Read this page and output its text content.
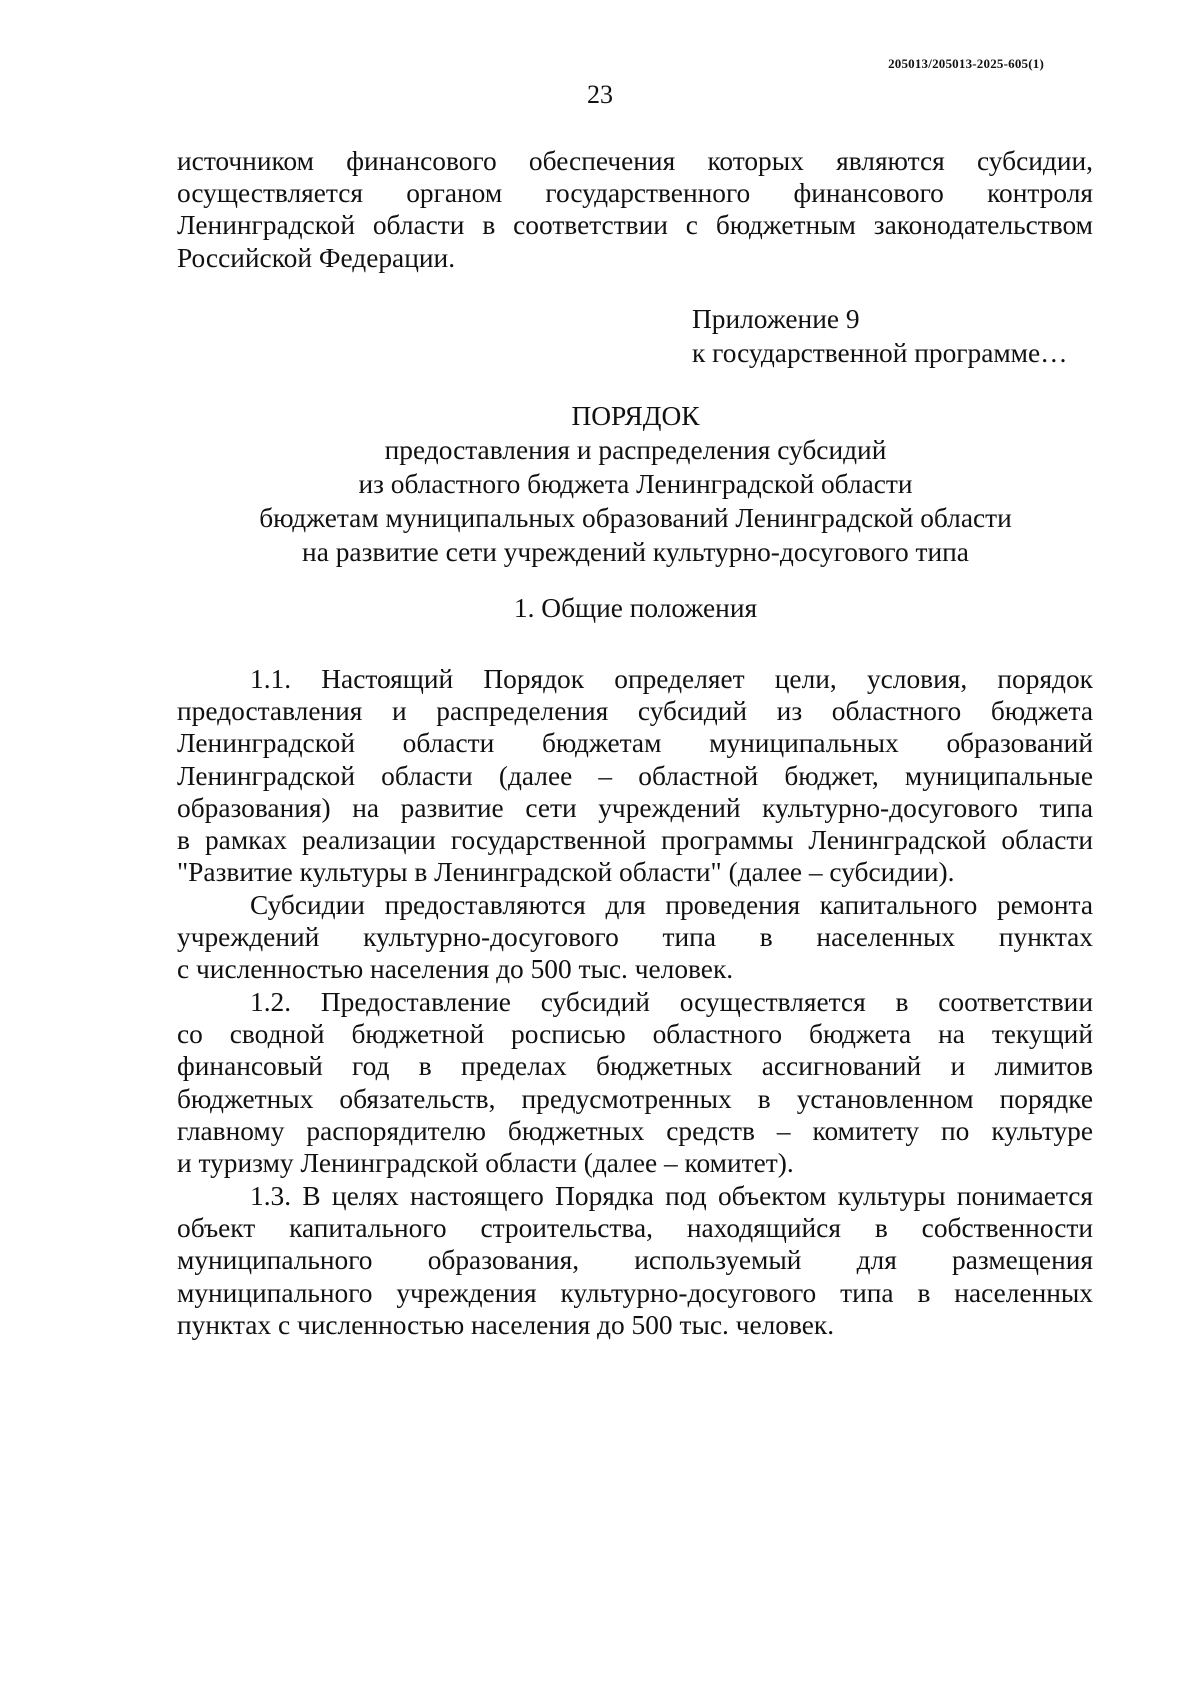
205013/205013-2025-605(1)
23
источником финансового обеспечения которых являются субсидии,
осуществляется органом государственного финансового контроля
Ленинградской области в соответствии с бюджетным законодательством
Российской Федерации.
Приложение 9
к государственной программе…
ПОРЯДОК
предоставления и распределения субсидий
из областного бюджета Ленинградской области
бюджетам муниципальных образований Ленинградской области
на развитие сети учреждений культурно-досугового типа
1. Общие положения
1.1. Настоящий Порядок определяет цели, условия, порядок
предоставления и распределения субсидий из областного бюджета
Ленинградской области бюджетам муниципальных образований
Ленинградской области (далее – областной бюджет, муниципальные
образования) на развитие сети учреждений культурно-досугового типа
в рамках реализации государственной программы Ленинградской области
"Развитие культуры в Ленинградской области" (далее – субсидии).
Субсидии предоставляются для проведения капитального ремонта
учреждений культурно-досугового типа в населенных пунктах
с численностью населения до 500 тыс. человек.
1.2. Предоставление субсидий осуществляется в соответствии
со сводной бюджетной росписью областного бюджета на текущий
финансовый год в пределах бюджетных ассигнований и лимитов
бюджетных обязательств, предусмотренных в установленном порядке
главному распорядителю бюджетных средств – комитету по культуре
и туризму Ленинградской области (далее – комитет).
1.3. В целях настоящего Порядка под объектом культуры понимается
объект капитального строительства, находящийся в собственности
муниципального образования, используемый для размещения
муниципального учреждения культурно-досугового типа в населенных
пунктах с численностью населения до 500 тыс. человек.
